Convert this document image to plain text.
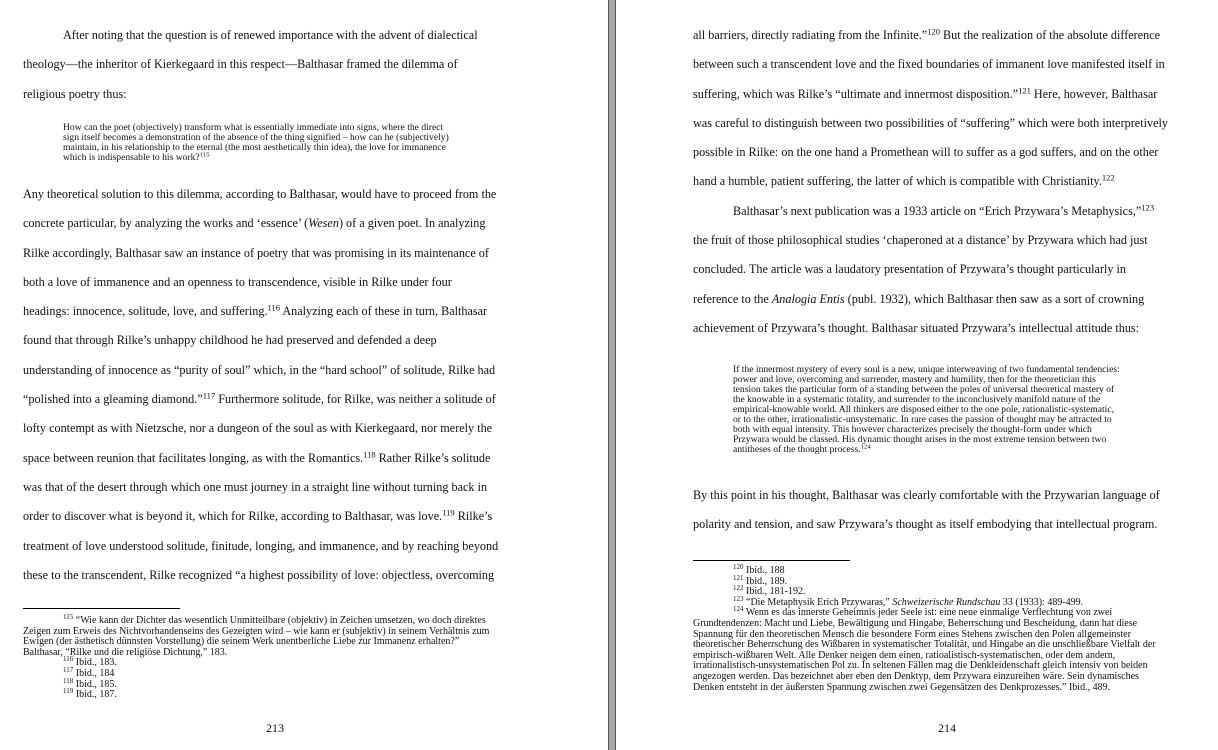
After noting that the question is of renewed importance with the advent of dialectical
theology—the inheritor of Kierkegaard in this respect—Balthasar framed the dilemma of
religious poetry thus:
How can the poet (objectively) transform what is essentially immediate into signs, where the direct
sign itself becomes a demonstration of the absence of the thing signified – how can he (subjectively)
maintain, in his relationship to the eternal (the most aesthetically thin idea), the love for immanence
which is indispensable to his work?$^{115}$
Any theoretical solution to this dilemma, according to Balthasar, would have to proceed from the
concrete particular, by analyzing the works and ‘essence’ (Wesen) of a given poet. In analyzing
Rilke accordingly, Balthasar saw an instance of poetry that was promising in its maintenance of
both a love of immanence and an openness to transcendence, visible in Rilke under four
headings: innocence, solitude, love, and suffering.$^{116}$ Analyzing each of these in turn, Balthasar
found that through Rilke’s unhappy childhood he had preserved and defended a deep
understanding of innocence as “purity of soul” which, in the “hard school” of solitude, Rilke had
“polished into a gleaming diamond.”$^{117}$ Furthermore solitude, for Rilke, was neither a solitude of
lofty contempt as with Nietzsche, nor a dungeon of the soul as with Kierkegaard, nor merely the
space between reunion that facilitates longing, as with the Romantics.$^{118}$ Rather Rilke’s solitude
was that of the desert through which one must journey in a straight line without turning back in
order to discover what is beyond it, which for Rilke, according to Balthasar, was love.$^{119}$ Rilke’s
treatment of love understood solitude, finitude, longing, and immanence, and by reaching beyond
these to the transcendent, Rilke recognized “a highest possibility of love: objectless, overcoming
$^{115}$ “Wie kann der Dichter das wesentlich Unmitteilbare (objektiv) in Zeichen umsetzen, wo doch direktes
Zeigen zum Erweis des Nichtvorhandenseins des Gezeigten wird – wie kann er (subjektiv) in seinem Verhältnis zum
Ewigen (der ästhetisch dünnsten Vorstellung) die seinem Werk unentberliche Liebe zur Immanenz erhalten?”
Balthasar, “Rilke und die religiöse Dichtung,” 183.
$^{116}$ Ibid., 183.
$^{117}$ Ibid., 184
$^{118}$ Ibid., 185.
$^{119}$ Ibid., 187.
213
all barriers, directly radiating from the Infinite.”$^{120}$ But the realization of the absolute difference
between such a transcendent love and the fixed boundaries of immanent love manifested itself in
suffering, which was Rilke’s “ultimate and innermost disposition.”$^{121}$ Here, however, Balthasar
was careful to distinguish between two possibilities of “suffering” which were both interpretively
possible in Rilke: on the one hand a Promethean will to suffer as a god suffers, and on the other
hand a humble, patient suffering, the latter of which is compatible with Christianity.$^{122}$
Balthasar’s next publication was a 1933 article on “Erich Przywara’s Metaphysics,”$^{123}$
the fruit of those philosophical studies ‘chaperoned at a distance’ by Przywara which had just
concluded. The article was a laudatory presentation of Przywara’s thought particularly in
reference to the Analogia Entis (publ. 1932), which Balthasar then saw as a sort of crowning
achievement of Przywara’s thought. Balthasar situated Przywara’s intellectual attitude thus:
If the innermost mystery of every soul is a new, unique interweaving of two fundamental tendencies:
power and love, overcoming and surrender, mastery and humility, then for the theoretician this
tension takes the particular form of a standing between the poles of universal theoretical mastery of
the knowable in a systematic totality, and surrender to the inconclusively manifold nature of the
empirical-knowable world. All thinkers are disposed either to the one pole, rationalistic-systematic,
or to the other, irrationalistic-unsystematic. In rare cases the passion of thought may be attracted to
both with equal intensity. This however characterizes precisely the thought-form under which
Przywara would be classed. His dynamic thought arises in the most extreme tension between two
antitheses of the thought process.$^{124}$
By this point in his thought, Balthasar was clearly comfortable with the Przywarian language of
polarity and tension, and saw Przywara’s thought as itself embodying that intellectual program.
$^{120}$ Ibid., 188
$^{121}$ Ibid., 189.
$^{122}$ Ibid., 181-192.
$^{123}$ “Die Metaphysik Erich Przywaras,” Schweizerische Rundschau 33 (1933): 489-499.
$^{124}$ Wenn es das innerste Geheimnis jeder Seele ist: eine neue einmalige Verflechtung von zwei
Grundtendenzen: Macht und Liebe, Bewältigung und Hingabe, Beherrschung und Bescheidung, dann hat diese
Spannung für den theoretischen Mensch die besondere Form eines Stehens zwischen den Polen allgemeinster
theoretischer Beherrschung des Wißbaren in systematischer Totalität, und Hingabe an die unschließbare Vielfalt der
empirisch-wißbaren Welt. Alle Denker neigen dem einen, ratioalistisch-systematischen, oder dem andern,
irrationalistisch-unsystematischen Pol zu. In seltenen Fällen mag die Denkleidenschaft gleich intensiv von beiden
angezogen werden. Das bezeichnet aber eben den Denktyp, dem Przywara einzureihen wäre. Sein dynamisches
Denken entsteht in der äußersten Spannung zwischen zwei Gegensätzen des Denkprozesses.” Ibid., 489.
214
